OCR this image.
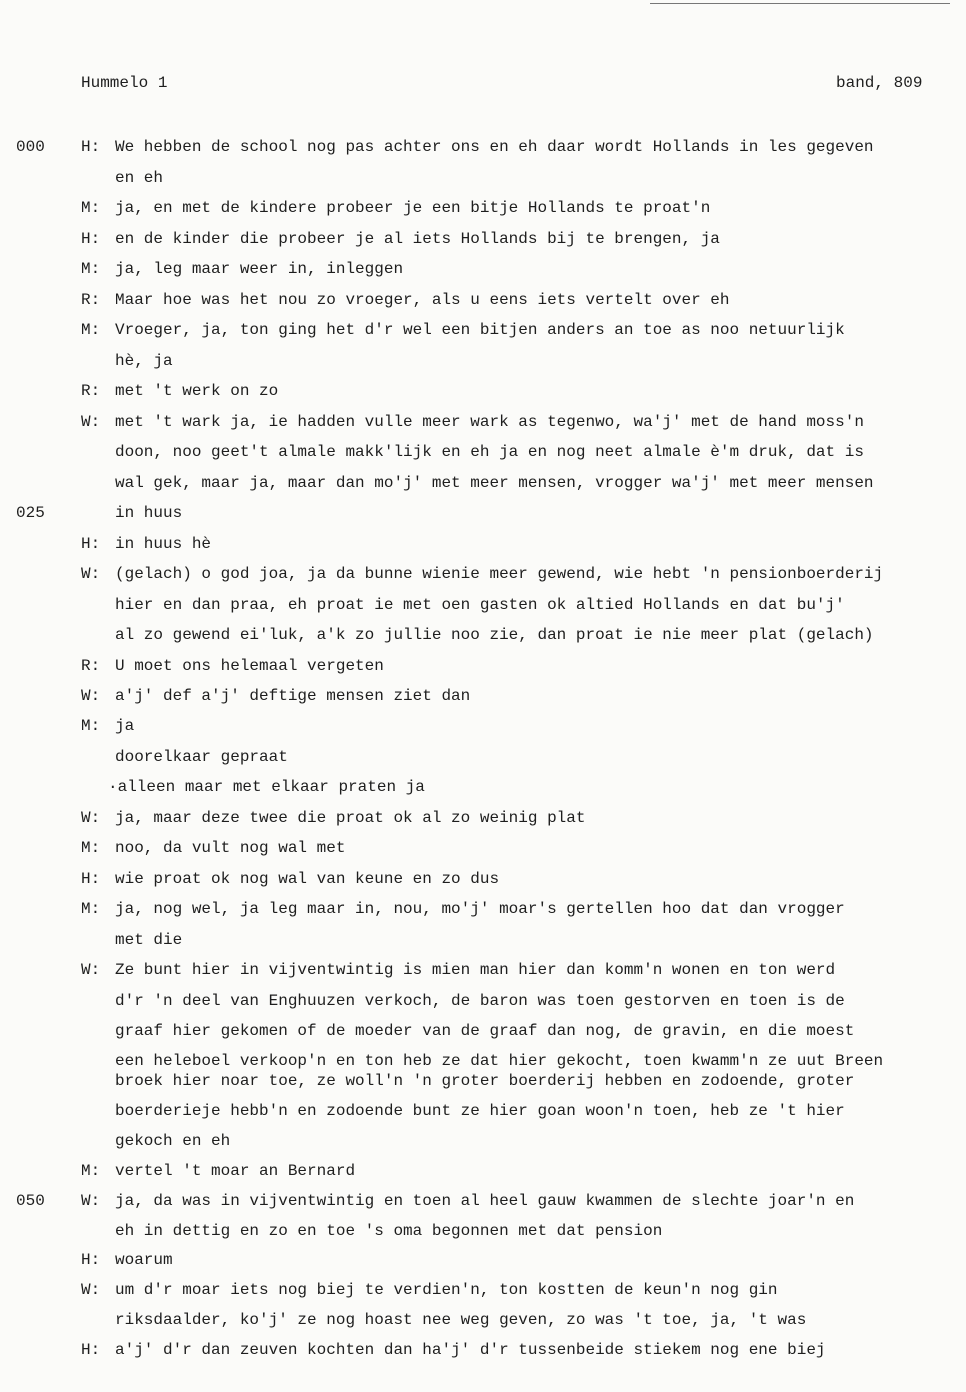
Hummelo 1	band, 809
000
025
050
H: We hebben de school nog pas achter ons en eh daar wordt Hollands in les gegeven
en eh
M: ja, en met de kindere probeer je een bitje Hollands te proat'n
H: en de kinder die probeer je al iets Hollands bij te brengen, ja
M: ja, leg maar weer in, inleggen
R: Maar hoe was het nou zo vroeger, als u eens iets vertelt over eh
M: Vroeger, ja, ton ging het d'r wel een bitjen anders an toe as noo netuurlijk
hè, ja
R: met 't werk on zo
W: met 't wark ja, ie hadden vulle meer wark as tegenwo, wa'j' met de hand moss'n
doon, noo geet't almale makk'lijk en eh ja en nog neet almale è'm druk, dat is
wal gek, maar ja, maar dan mo'j' met meer mensen, vrogger wa'j' met meer mensen
in huus
H: in huus hè
W: (gelach) o god joa, ja da bunne wienie meer gewend, wie hebt 'n pensionboerderij
hier en dan praa, eh proat ie met oen gasten ok altied Hollands en dat bu'j'
al zo gewend ei'luk, a'k zo jullie noo zie, dan proat ie nie meer plat (gelach)
R: U moet ons helemaal vergeten
W: a'j' def a'j' deftige mensen ziet dan
M: ja
doorelkaar gepraat
·alleen maar met elkaar praten ja
W: ja, maar deze twee die proat ok al zo weinig plat
M: noo, da vult nog wal met
H: wie proat ok nog wal van keune en zo dus
M: ja, nog wel, ja leg maar in, nou, mo'j' moar's gertellen hoo dat dan vrogger
met die
W: Ze bunt hier in vijventwintig is mien man hier dan komm'n wonen en ton werd
d'r 'n deel van Enghuuzen verkoch, de baron was toen gestorven en toen is de
graaf hier gekomen of de moeder van de graaf dan nog, de gravin, en die moest
een heleboel verkoop'n en ton heb ze dat hier gekocht, toen kwamm'n ze uut Breen
broek hier noar toe, ze woll'n 'n groter boerderij hebben en zodoende, groter
boerderieje hebb'n en zodoende bunt ze hier goan woon'n toen, heb ze 't hier
gekoch en eh
M: vertel 't moar an Bernard
W: ja, da was in vijventwintig en toen al heel gauw kwammen de slechte joar'n en
eh in dettig en zo en toe 's oma begonnen met dat pension
H: woarum
W: um d'r moar iets nog biej te verdien'n, ton kostten de keun'n nog gin
riksdaalder, ko'j' ze nog hoast nee weg geven, zo was 't toe, ja, 't was
H: a'j' d'r dan zeuven kochten dan ha'j' d'r tussenbeide stiekem nog ene biej
